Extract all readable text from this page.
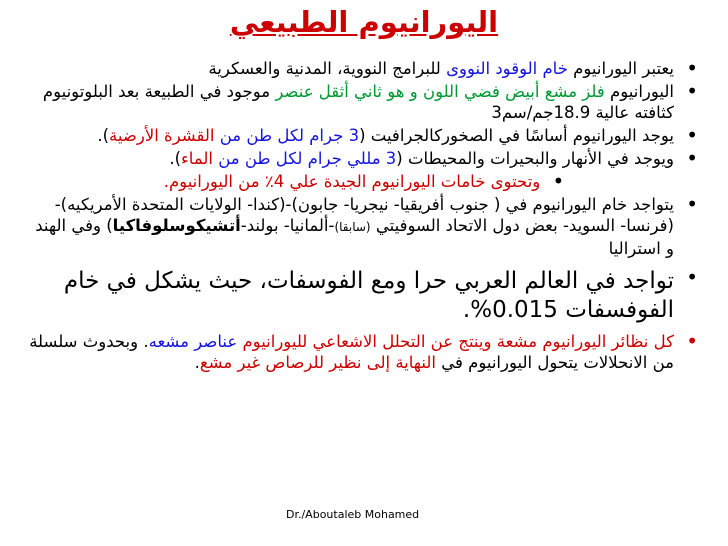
اليورانيوم الطبيعي

• يعتبر اليورانيوم خام الوقود النووى للبرامج النووية، المدنية والعسكرية

• اليورانيوم فلز مشع أبيض فضي اللون و هو ثاني أثقل عنصر موجود في الطبيعة بعد البلوتونيوم كثافته عالية 18.9جم/سم3

• يوجد اليورانيوم أساسًا في الصخوركالجرافيت (3 جرام لكل طن من القشرة الأرضية).

• ويوجد في الأنهار والبحيرات والمحيطات (3 مللي جرام لكل طن من الماء).

•
وتحتوى خامات اليورانيوم الجيدة علي 4٪ من اليورانيوم.

• يتواجد خام اليورانيوم في ( جنوب أفريقيا- نيجريا- جابون)-(كندا- الولايات المتحدة الأمريكيه)- (فرنسا- السويد- بعض دول الاتحاد السوفيتي (سابقا)-ألمانيا- بولند-أتشيكوسلوفاكيا) وفي الهند و استراليا

• تواجد في العالم العربي حرا ومع الفوسفات، حيث يشكل في خام الفوفسفات 0.015%.

• كل نظائر اليورانيوم مشعة وينتج عن التحلل الاشعاعي لليورانيوم عناصر مشعه. وبحدوث سلسلة من الانحلالات يتحول اليورانيوم في النهاية إلى نظير للرصاص غير مشع.

Dr./Aboutaleb Mohamed
